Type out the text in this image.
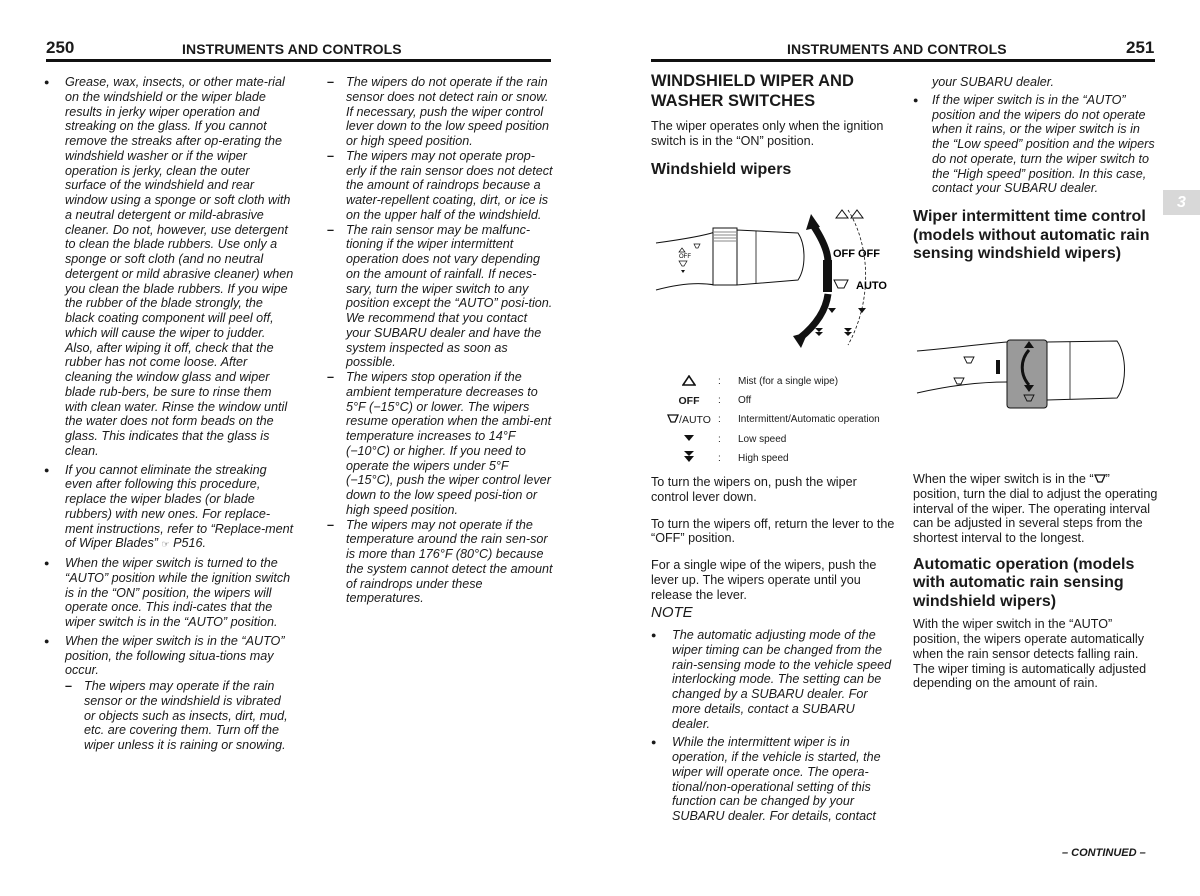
250	INSTRUMENTS AND CONTROLS
● Grease, wax, insects, or other mate-rial on the windshield or the wiper blade results in jerky wiper operation and streaking on the glass. If you cannot remove the streaks after op-erating the windshield washer or if the wiper operation is jerky, clean the outer surface of the windshield and rear window using a sponge or soft cloth with a neutral detergent or mild-abrasive cleaner. Do not, however, use detergent to clean the blade rubbers. Use only a sponge or soft cloth (and no neutral detergent or mild abrasive cleaner) when you clean the blade rubbers. If you wipe the rubber of the blade strongly, the black coating component will peel off, which will cause the wiper to judder. Also, after wiping it off, check that the rubber has not come loose. After cleaning the window glass and wiper blade rub-bers, be sure to rinse them with clean water. Rinse the window until the water does not form beads on the glass. This indicates that the glass is clean.
● If you cannot eliminate the streaking even after following this procedure, replace the wiper blades (or blade rubbers) with new ones. For replace-ment instructions, refer to “Replace-ment of Wiper Blades” ☞ P516.
● When the wiper switch is turned to the “AUTO” position while the ignition switch is in the “ON” position, the wipers will operate once. This indi-cates that the wiper switch is in the “AUTO” position.
● When the wiper switch is in the “AUTO” position, the following situa-tions may occur.
– The wipers may operate if the rain sensor or the windshield is vibrated or objects such as insects, dirt, mud, etc. are covering them. Turn off the wiper unless it is raining or snowing.
– The wipers do not operate if the rain sensor does not detect rain or snow. If necessary, push the wiper control lever down to the low speed position or high speed position.
– The wipers may not operate prop-erly if the rain sensor does not detect the amount of raindrops because a water-repellent coating, dirt, or ice is on the upper half of the windshield.
– The rain sensor may be malfunc-tioning if the wiper intermittent operation does not vary depending on the amount of rainfall. If neces-sary, turn the wiper switch to any position except the “AUTO” posi-tion. We recommend that you contact your SUBARU dealer and have the system inspected as soon as possible.
– The wipers stop operation if the ambient temperature decreases to 5°F (−15°C) or lower. The wipers resume operation when the ambi-ent temperature increases to 14°F (−10°C) or higher. If you need to operate the wipers under 5°F (−15°C), push the wiper control lever down to the low speed posi-tion or high speed position.
– The wipers may not operate if the temperature around the rain sen-sor is more than 176°F (80°C) because the system cannot detect the amount of raindrops under these temperatures.
INSTRUMENTS AND CONTROLS	251
3
WINDSHIELD WIPER AND WASHER SWITCHES

The wiper operates only when the ignition switch is in the “ON” position.

Windshield wipers
OFF	OFF OFF
AUTO
:	Mist (for a single wipe)
OFF	:	Off
/AUTO :	Intermittent/Automatic operation
:	Low speed
:	High speed

To turn the wipers on, push the wiper control lever down.

To turn the wipers off, return the lever to the “OFF” position.

For a single wipe of the wipers, push the lever up. The wipers operate until you release the lever.

NOTE
● The automatic adjusting mode of the wiper timing can be changed from the rain-sensing mode to the vehicle speed interlocking mode. The setting can be changed by a SUBARU dealer. For more details, contact a SUBARU dealer.
● While the intermittent wiper is in operation, if the vehicle is started, the wiper will operate once. The opera-tional/non-operational setting of this function can be changed by your SUBARU dealer. For details, contact
your SUBARU dealer.
● If the wiper switch is in the “AUTO” position and the wipers do not operate when it rains, or the wiper switch is in the “Low speed” position and the wipers do not operate, turn the wiper switch to the “High speed” position. In this case, contact your SUBARU dealer.
Wiper intermittent time control (models without automatic rain sensing windshield wipers)

When the wiper switch is in the “ ” position, turn the dial to adjust the operating interval of the wiper. The operating interval can be adjusted in several steps from the shortest interval to the longest.

Automatic operation (models with automatic rain sensing windshield wipers)

With the wiper switch in the “AUTO” position, the wipers operate automatically when the rain sensor detects falling rain. The wiper timing is automatically adjusted depending on the amount of rain.

– CONTINUED –
